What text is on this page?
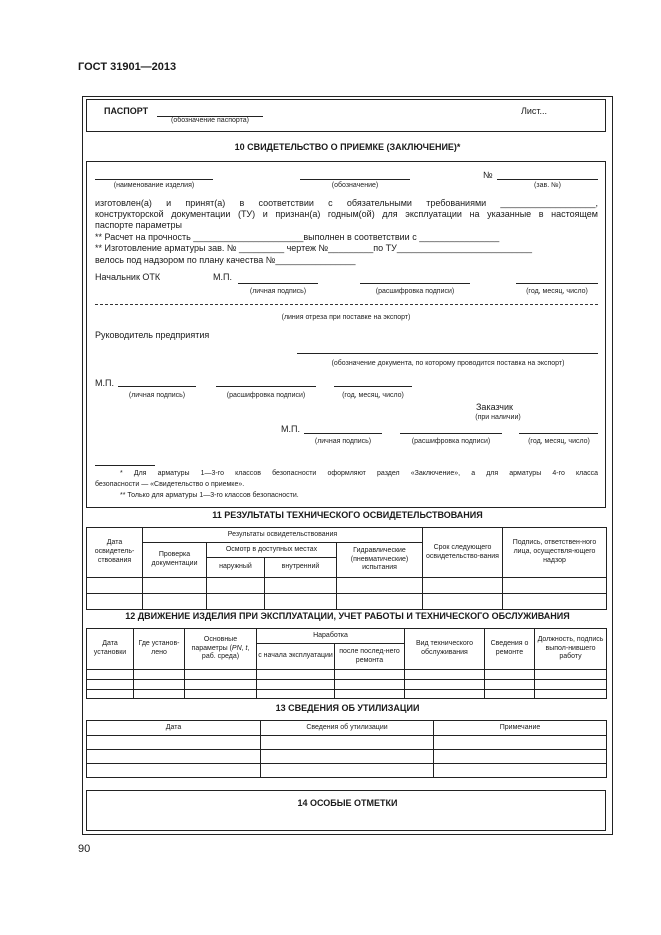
ГОСТ 31901—2013
ПАСПОРТ
(обозначение паспорта)
Лист...
10 СВИДЕТЕЛЬСТВО О ПРИЕМКЕ (ЗАКЛЮЧЕНИЕ)*
(наименование изделия)	(обозначение)
№
(зав. №)
изготовлен(а) и принят(а) в соответствии с обязательными требованиями ___________________,
конструкторской документации (ТУ) и признан(а) годным(ой) для эксплуатации на указанные в настоящем
паспорте параметры
** Расчет на прочность ______________________выполнен в соответствии с ________________
** Изготовление арматуры зав. № _________ чертеж №_________по ТУ___________________________
велось под надзором по плану качества №________________
Начальник ОТК	М.П.
(личная подпись)	(расшифровка подписи)	(год, месяц, число)
(линия отреза при поставке на экспорт)
Руководитель предприятия
(обозначение документа, по которому проводится поставка на экспорт)
М.П.
(личная подпись)	(расшифровка подписи)	(год, месяц, число)
Заказчик
(при наличии)
М.П.
(личная подпись)	(расшифровка подписи)	(год, месяц, число)
* Для арматуры 1—3-го классов безопасности оформляют раздел «Заключение», а для арматуры 4-го класса
безопасности — «Свидетельство о приемке».
** Только для арматуры 1—3-го классов безопасности.
11 РЕЗУЛЬТАТЫ ТЕХНИЧЕСКОГО ОСВИДЕТЕЛЬСТВОВАНИЯ
Дата освидетель-ствования	Результаты освидетельствования				Срок следующего освидетельство-вания	Подпись, ответствен-ного лица, осуществля-ющего надзор
	Проверка документации	Осмотр в доступных местах		Гидравлические (пневматические) испытания		
		наружный	внутренний			

12 ДВИЖЕНИЕ ИЗДЕЛИЯ ПРИ ЭКСПЛУАТАЦИИ, УЧЕТ РАБОТЫ И ТЕХНИЧЕСКОГО ОБСЛУЖИВАНИЯ
Дата установки	Где установ-лено	Основные параметры (PN, t, раб. среда)	Наработка		Вид технического обслуживания	Сведения о ремонте	Должность, подпись выпол-нившего работу
			с начала эксплуатации	после послед-него ремонта			

13 СВЕДЕНИЯ ОБ УТИЛИЗАЦИИ
Дата	Сведения об утилизации	Примечание

14 ОСОБЫЕ ОТМЕТКИ
90
